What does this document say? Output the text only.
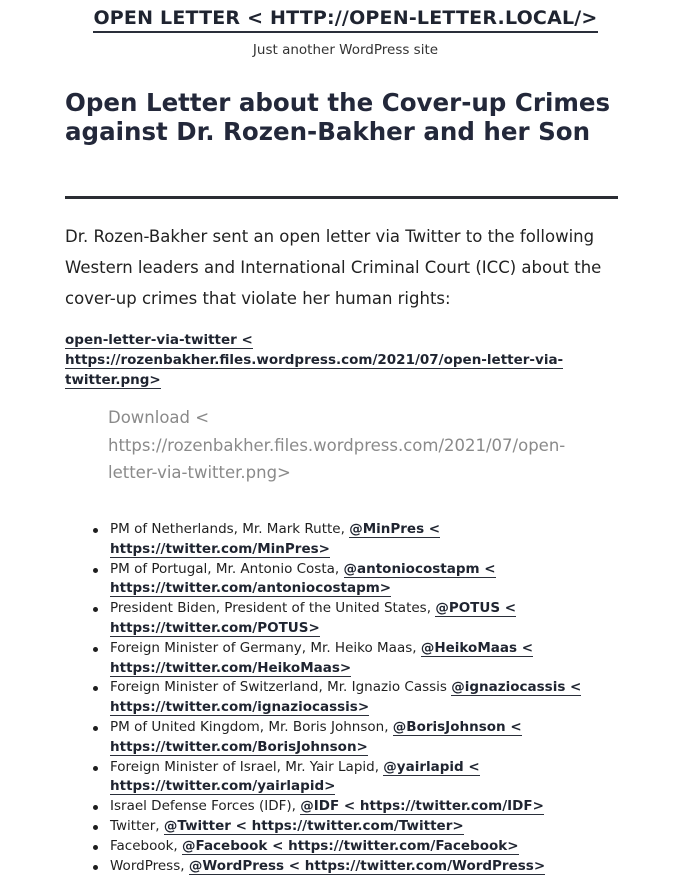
OPEN LETTER < HTTP://OPEN-LETTER.LOCAL/>
Just another WordPress site
Open Letter about the Cover-up Crimes against Dr. Rozen-Bakher and her Son

Dr. Rozen-Bakher sent an open letter via Twitter to the following Western leaders and International Criminal Court (ICC) about the cover-up crimes that violate her human rights:

open-letter-via-twitter < https://rozenbakher.files.wordpress.com/2021/07/open-letter-via-twitter.png>
Download < https://rozenbakher.files.wordpress.com/2021/07/open-letter-via-twitter.png>
PM of Netherlands, Mr. Mark Rutte, @MinPres < https://twitter.com/MinPres>
PM of Portugal, Mr. Antonio Costa, @antoniocostapm < https://twitter.com/antoniocostapm>
President Biden, President of the United States, @POTUS < https://twitter.com/POTUS>
Foreign Minister of Germany, Mr. Heiko Maas, @HeikoMaas < https://twitter.com/HeikoMaas>
Foreign Minister of Switzerland, Mr. Ignazio Cassis @ignaziocassis < https://twitter.com/ignaziocassis>
PM of United Kingdom, Mr. Boris Johnson, @BorisJohnson < https://twitter.com/BorisJohnson>
Foreign Minister of Israel, Mr. Yair Lapid, @yairlapid < https://twitter.com/yairlapid>
Israel Defense Forces (IDF), @IDF < https://twitter.com/IDF>
Twitter, @Twitter < https://twitter.com/Twitter>
Facebook, @Facebook < https://twitter.com/Facebook>
WordPress, @WordPress < https://twitter.com/WordPress>
